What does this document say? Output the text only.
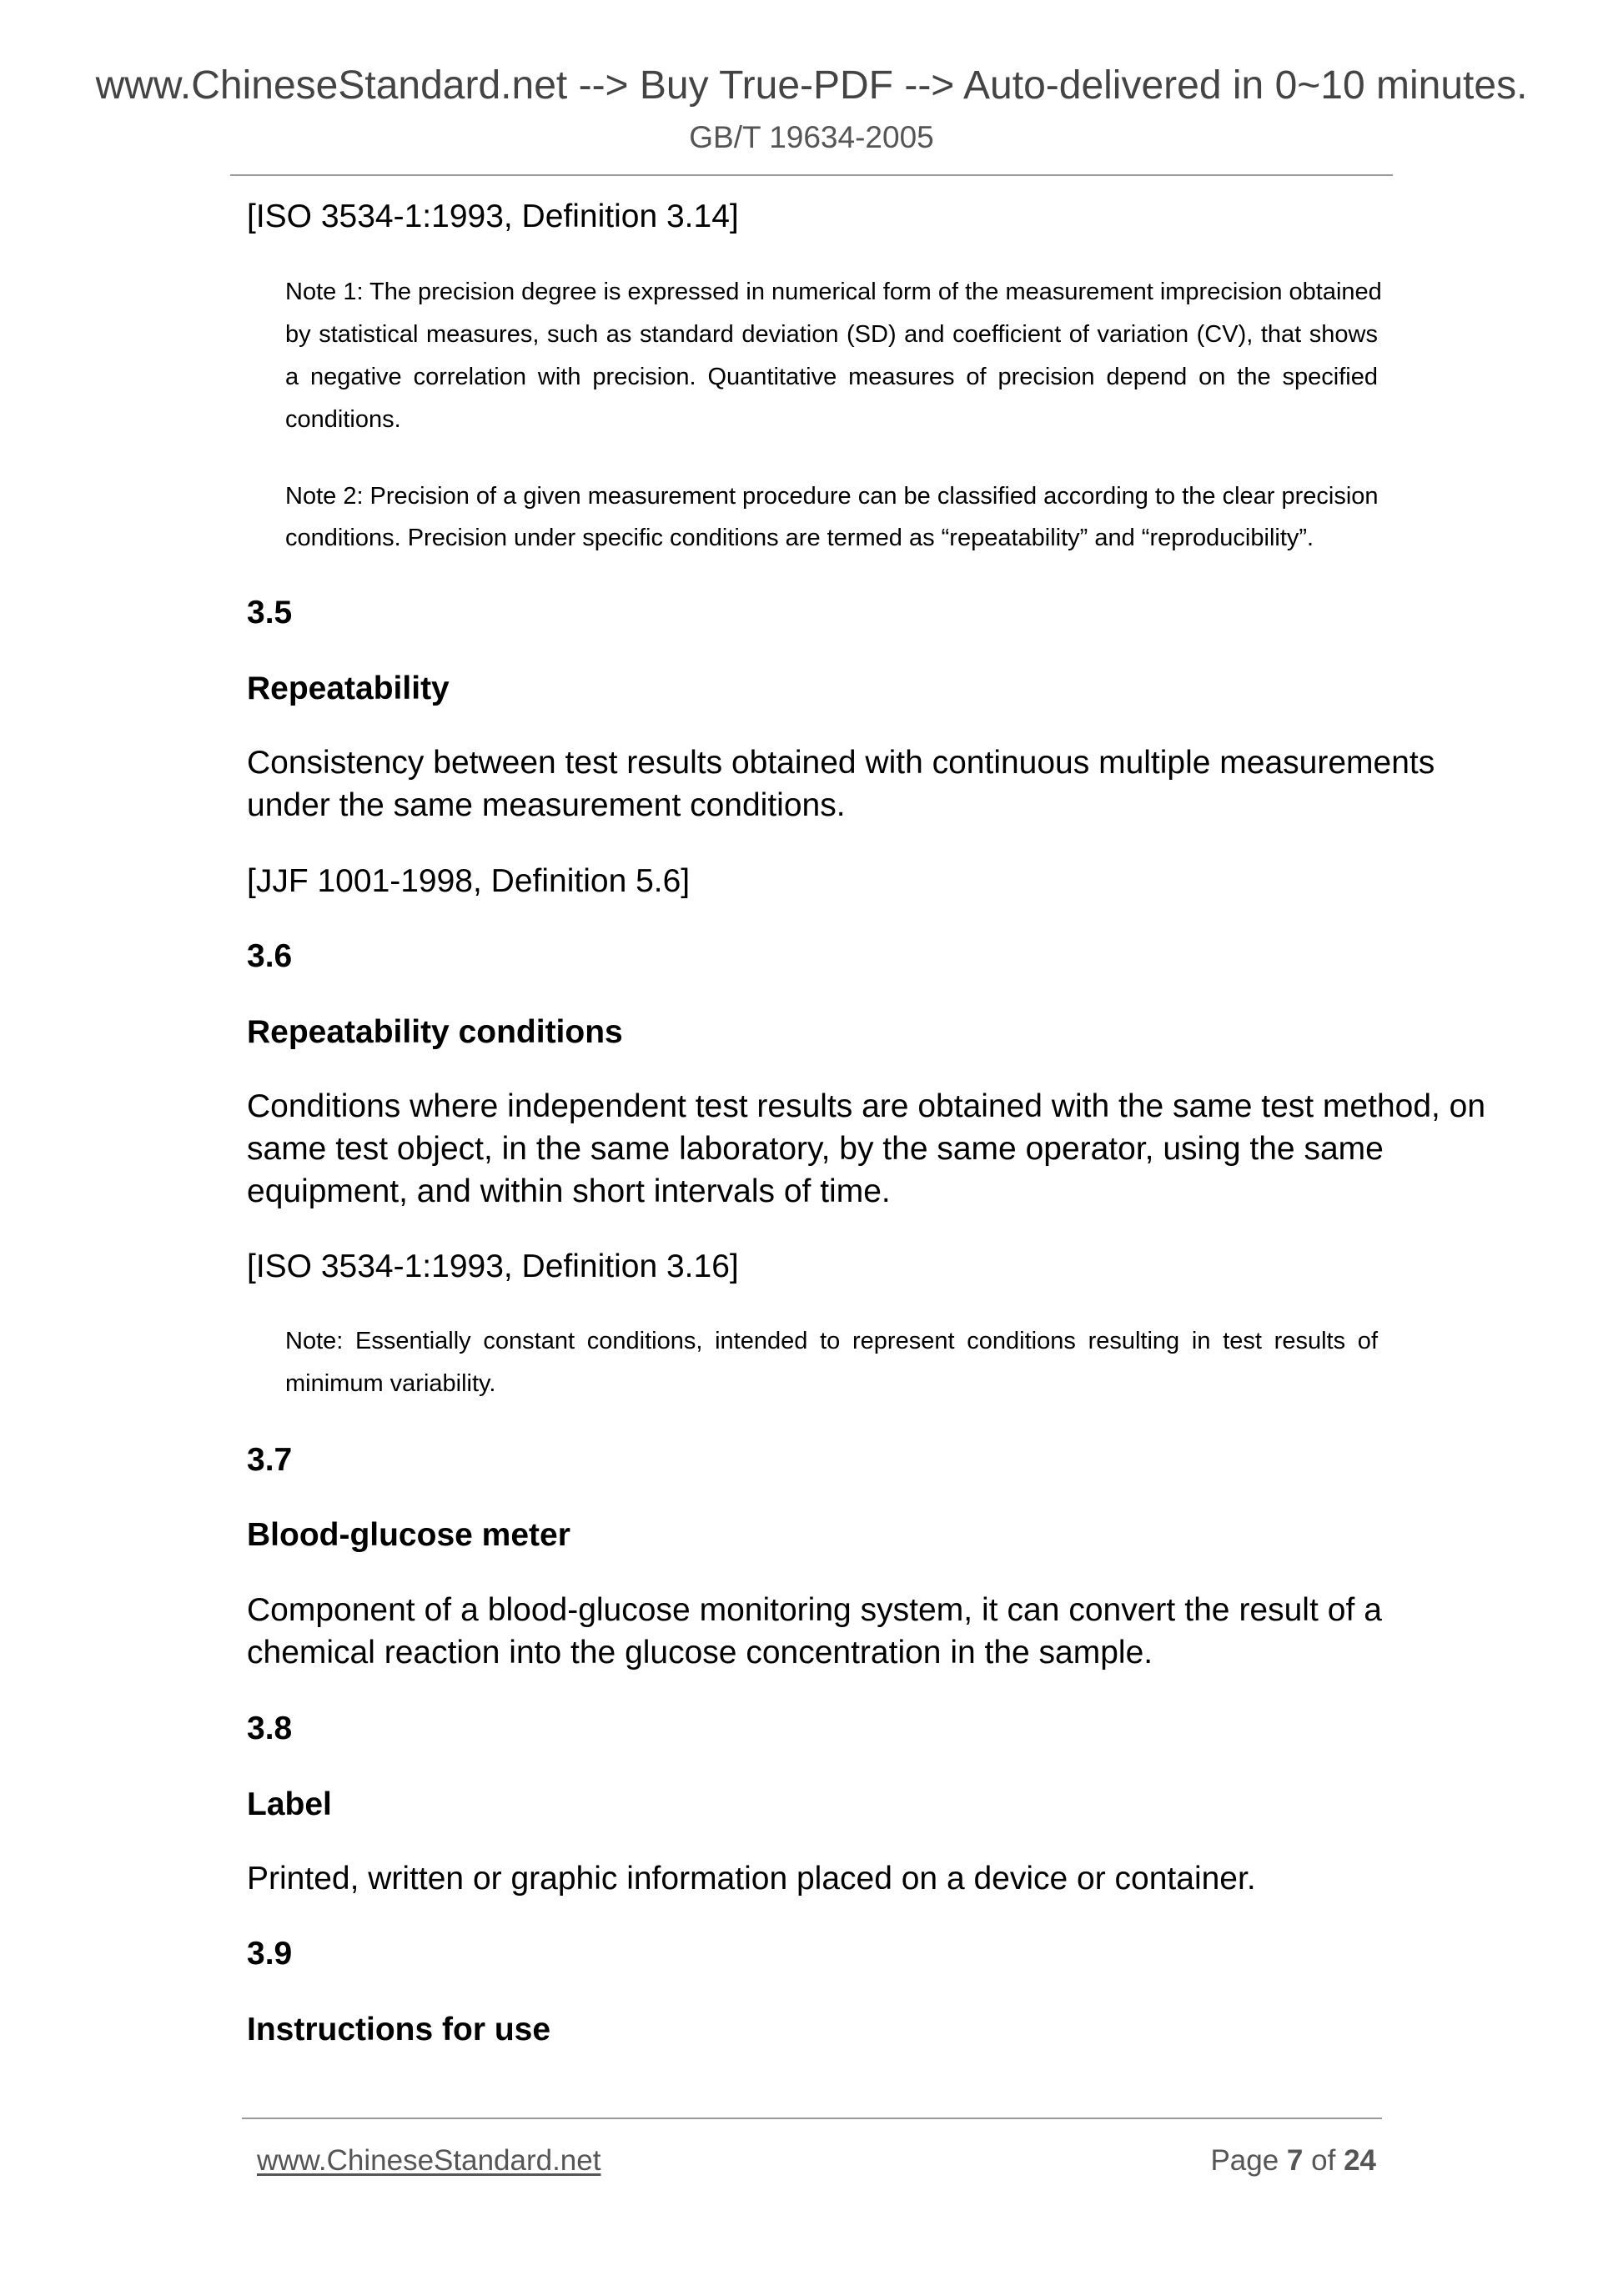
www.ChineseStandard.net --> Buy True-PDF --> Auto-delivered in 0~10 minutes.
GB/T 19634-2005
[ISO 3534-1:1993, Definition 3.14]
Note 1: The precision degree is expressed in numerical form of the measurement imprecision obtained
by statistical measures, such as standard deviation (SD) and coefficient of variation (CV), that shows
a negative correlation with precision. Quantitative measures of precision depend on the specified
conditions.
Note 2: Precision of a given measurement procedure can be classified according to the clear precision
conditions. Precision under specific conditions are termed as “repeatability” and “reproducibility”.
3.5
Repeatability
Consistency between test results obtained with continuous multiple measurements
under the same measurement conditions.
[JJF 1001-1998, Definition 5.6]
3.6
Repeatability conditions
Conditions where independent test results are obtained with the same test method, on
same test object, in the same laboratory, by the same operator, using the same
equipment, and within short intervals of time.
[ISO 3534-1:1993, Definition 3.16]
Note: Essentially constant conditions, intended to represent conditions resulting in test results of
minimum variability.
3.7
Blood-glucose meter
Component of a blood-glucose monitoring system, it can convert the result of a
chemical reaction into the glucose concentration in the sample.
3.8
Label
Printed, written or graphic information placed on a device or container.
3.9
Instructions for use
www.ChineseStandard.net	Page 7 of 24
